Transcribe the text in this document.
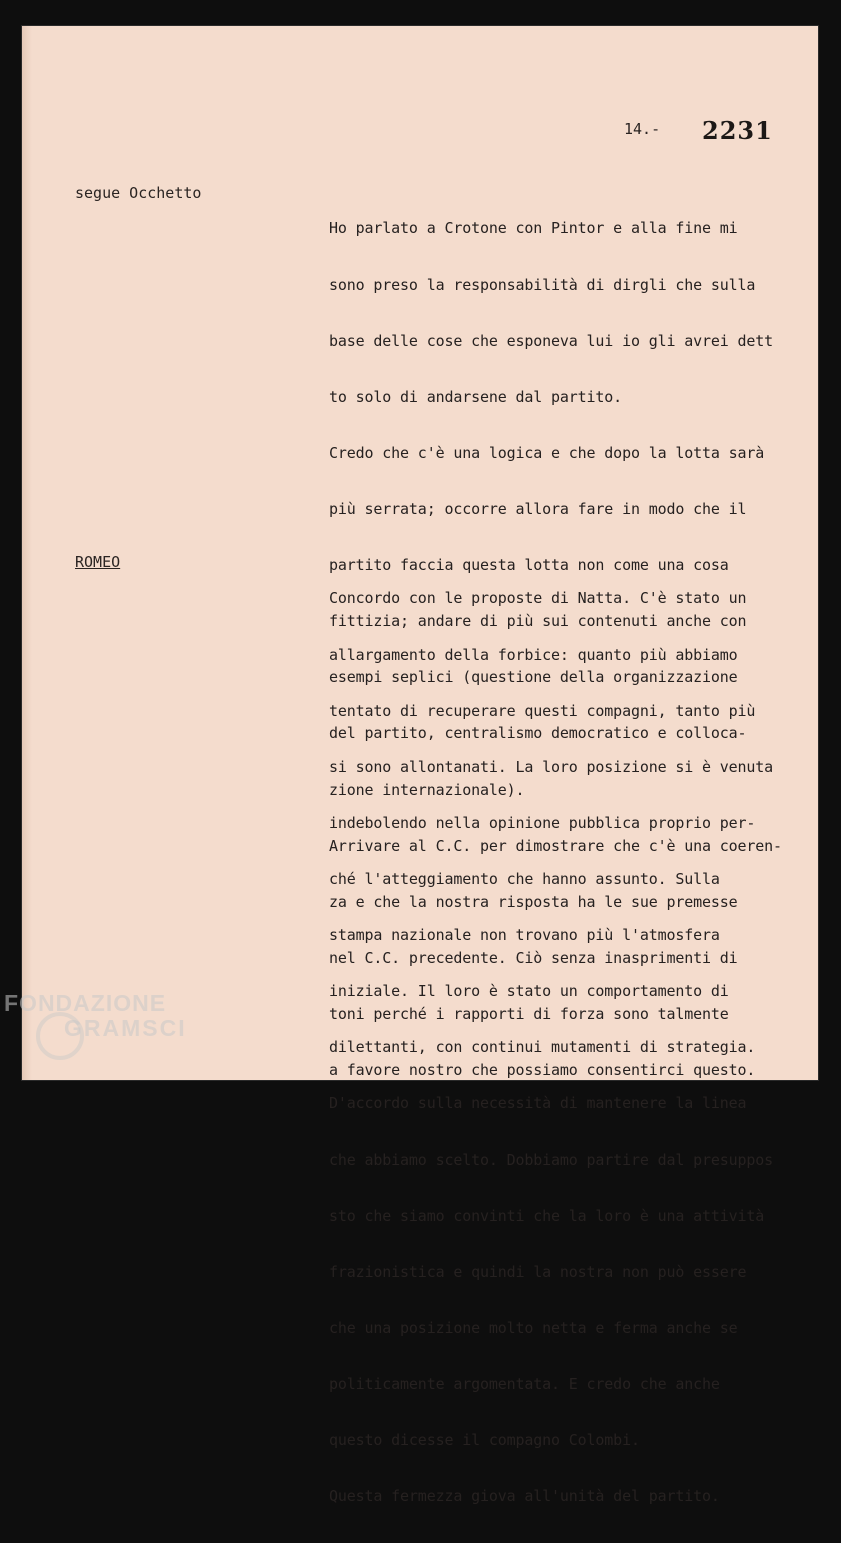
14.- 2231
segue Occhetto

Ho parlato a Crotone con Pintor e alla fine mi

sono preso la responsabilità di dirgli che sulla

base delle cose che esponeva lui io gli avrei dett

to solo di andarsene dal partito.

Credo che c'è una logica e che dopo la lotta sarà

più serrata; occorre allora fare in modo che il

partito faccia questa lotta non come una cosa

fittizia; andare di più sui contenuti anche con

esempi seplici (questione della organizzazione

del partito, centralismo democratico e colloca-

zione internazionale).

Arrivare al C.C. per dimostrare che c'è una coeren-

za e che la nostra risposta ha le sue premesse

nel C.C. precedente. Ciò senza inasprimenti di

toni perché i rapporti di forza sono talmente

a favore nostro che possiamo consentirci questo.

ROMEO

Concordo con le proposte di Natta. C'è stato un

allargamento della forbice: quanto più abbiamo

tentato di recuperare questi compagni, tanto più

si sono allontanati. La loro posizione si è venuta

indebolendo nella opinione pubblica proprio per-

ché l'atteggiamento che hanno assunto. Sulla

stampa nazionale non trovano più l'atmosfera

iniziale. Il loro è stato un comportamento di

dilettanti, con continui mutamenti di strategia.

D'accordo sulla necessità di mantenere la linea

che abbiamo scelto. Dobbiamo partire dal presuppos

sto che siamo convinti che la loro è una attività

frazionistica e quindi la nostra non può essere

che una posizione molto netta e ferma anche se

politicamente argomentata. E credo che anche

questo dicesse il compagno Colombi.

Questa fermezza giova all'unità del partito.

FONDAZIONE
GRAMSCI
